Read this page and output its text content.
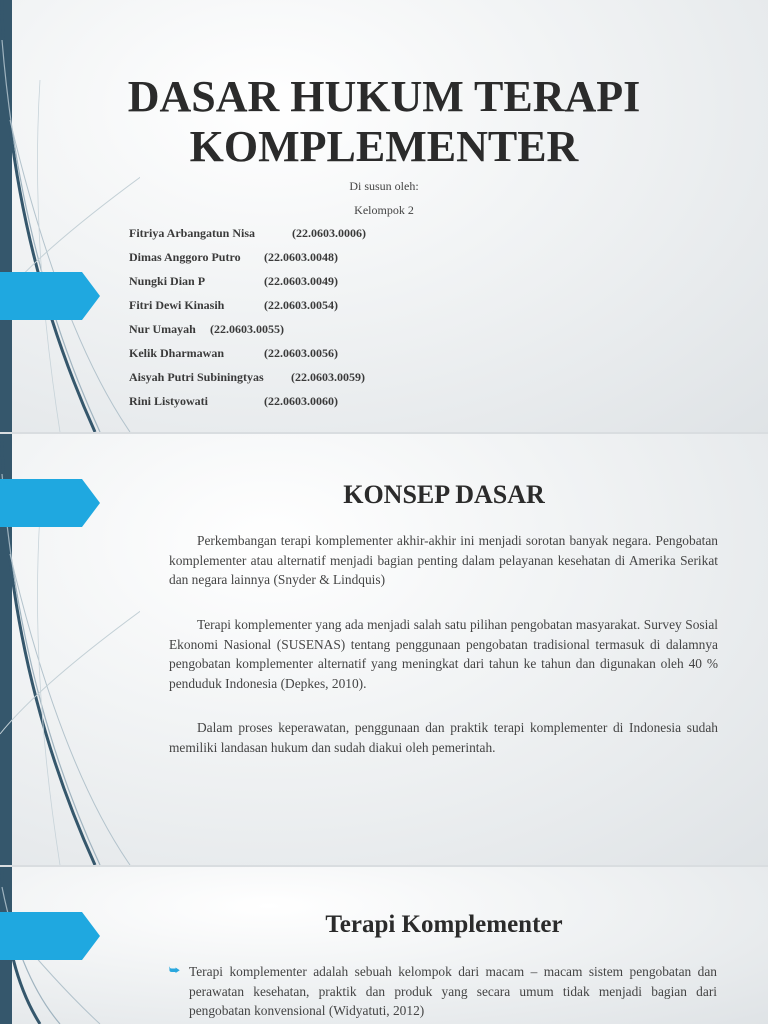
DASAR HUKUM TERAPI
KOMPLEMENTER
Di susun oleh:
Kelompok 2
Fitriya Arbangatun Nisa	(22.0603.0006)
Dimas Anggoro Putro (22.0603.0048)
Nungki Dian P	(22.0603.0049)
Fitri Dewi Kinasih	(22.0603.0054)
Nur Umayah (22.0603.0055)
Kelik Dharmawan	(22.0603.0056)
Aisyah Putri Subiningtyas (22.0603.0059)
Rini Listyowati	(22.0603.0060)
KONSEP DASAR

Perkembangan terapi komplementer akhir-akhir ini menjadi sorotan banyak negara. Pengobatan komplementer atau alternatif menjadi bagian penting dalam pelayanan kesehatan di Amerika Serikat dan negara lainnya (Snyder & Lindquis)

Terapi komplementer yang ada menjadi salah satu pilihan pengobatan masyarakat. Survey Sosial Ekonomi Nasional (SUSENAS) tentang penggunaan pengobatan tradisional termasuk di dalamnya pengobatan komplementer alternatif yang meningkat dari tahun ke tahun dan digunakan oleh 40 % penduduk Indonesia (Depkes, 2010).

Dalam proses keperawatan, penggunaan dan praktik terapi komplementer di Indonesia sudah memiliki landasan hukum dan sudah diakui oleh pemerintah.

Terapi Komplementer
⮩ Terapi komplementer adalah sebuah kelompok dari macam – macam sistem pengobatan dan perawatan kesehatan, praktik dan produk yang secara umum tidak menjadi bagian dari pengobatan konvensional (Widyatuti, 2012)
